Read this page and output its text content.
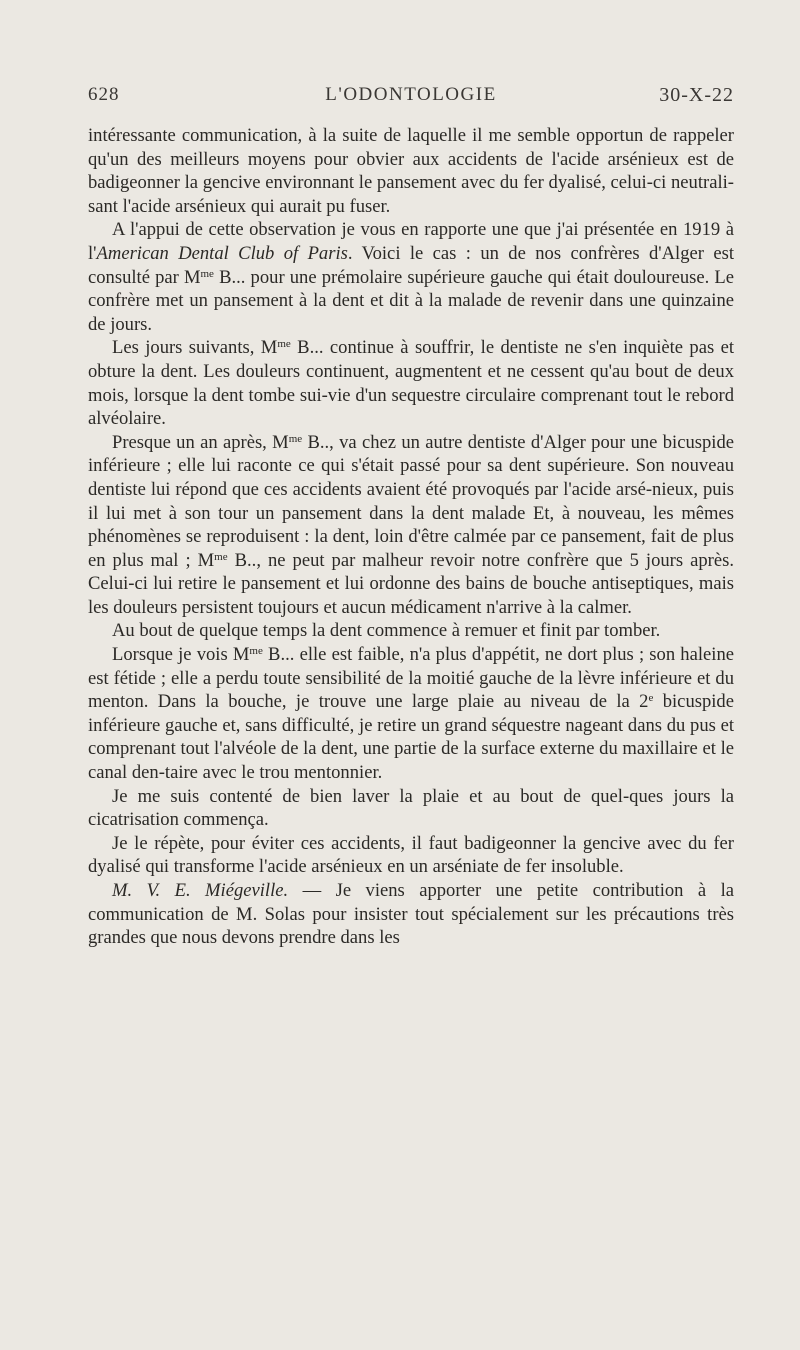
628	L'ODONTOLOGIE	30-X-22

intéressante communication, à la suite de laquelle il me semble opportun de rappeler qu'un des meilleurs moyens pour obvier aux accidents de l'acide arsénieux est de badigeonner la gencive environnant le pansement avec du fer dyalisé, celui-ci neutrali-sant l'acide arsénieux qui aurait pu fuser.

A l'appui de cette observation je vous en rapporte une que j'ai présentée en 1919 à l'American Dental Club of Paris. Voici le cas : un de nos confrères d'Alger est consulté par $M^{me}$ B... pour une prémolaire supérieure gauche qui était douloureuse. Le confrère met un pansement à la dent et dit à la malade de revenir dans une quinzaine de jours.

Les jours suivants, $M^{me}$ B... continue à souffrir, le dentiste ne s'en inquiète pas et obture la dent. Les douleurs continuent, augmentent et ne cessent qu'au bout de deux mois, lorsque la dent tombe sui-vie d'un sequestre circulaire comprenant tout le rebord alvéolaire.

Presque un an après, $M^{me}$ B.., va chez un autre dentiste d'Alger pour une bicuspide inférieure ; elle lui raconte ce qui s'était passé pour sa dent supérieure. Son nouveau dentiste lui répond que ces accidents avaient été provoqués par l'acide arsé-nieux, puis il lui met à son tour un pansement dans la dent malade Et, à nouveau, les mêmes phénomènes se reproduisent : la dent, loin d'être calmée par ce pansement, fait de plus en plus mal ; $M^{me}$ B.., ne peut par malheur revoir notre confrère que 5 jours après. Celui-ci lui retire le pansement et lui ordonne des bains de bouche antiseptiques, mais les douleurs persistent toujours et aucun médicament n'arrive à la calmer.

Au bout de quelque temps la dent commence à remuer et finit par tomber.

Lorsque je vois $M^{me}$ B... elle est faible, n'a plus d'appétit, ne dort plus ; son haleine est fétide ; elle a perdu toute sensibilité de la moitié gauche de la lèvre inférieure et du menton. Dans la bouche, je trouve une large plaie au niveau de la 2e bicuspide inférieure gauche et, sans difficulté, je retire un grand séquestre nageant dans du pus et comprenant tout l'alvéole de la dent, une partie de la surface externe du maxillaire et le canal den-taire avec le trou mentonnier.

Je me suis contenté de bien laver la plaie et au bout de quel-ques jours la cicatrisation commença.

Je le répète, pour éviter ces accidents, il faut badigeonner la gencive avec du fer dyalisé qui transforme l'acide arsénieux en un arséniate de fer insoluble.

M. V. E. Miégeville. — Je viens apporter une petite contribution à la communication de M. Solas pour insister tout spécialement sur les précautions très grandes que nous devons prendre dans les
